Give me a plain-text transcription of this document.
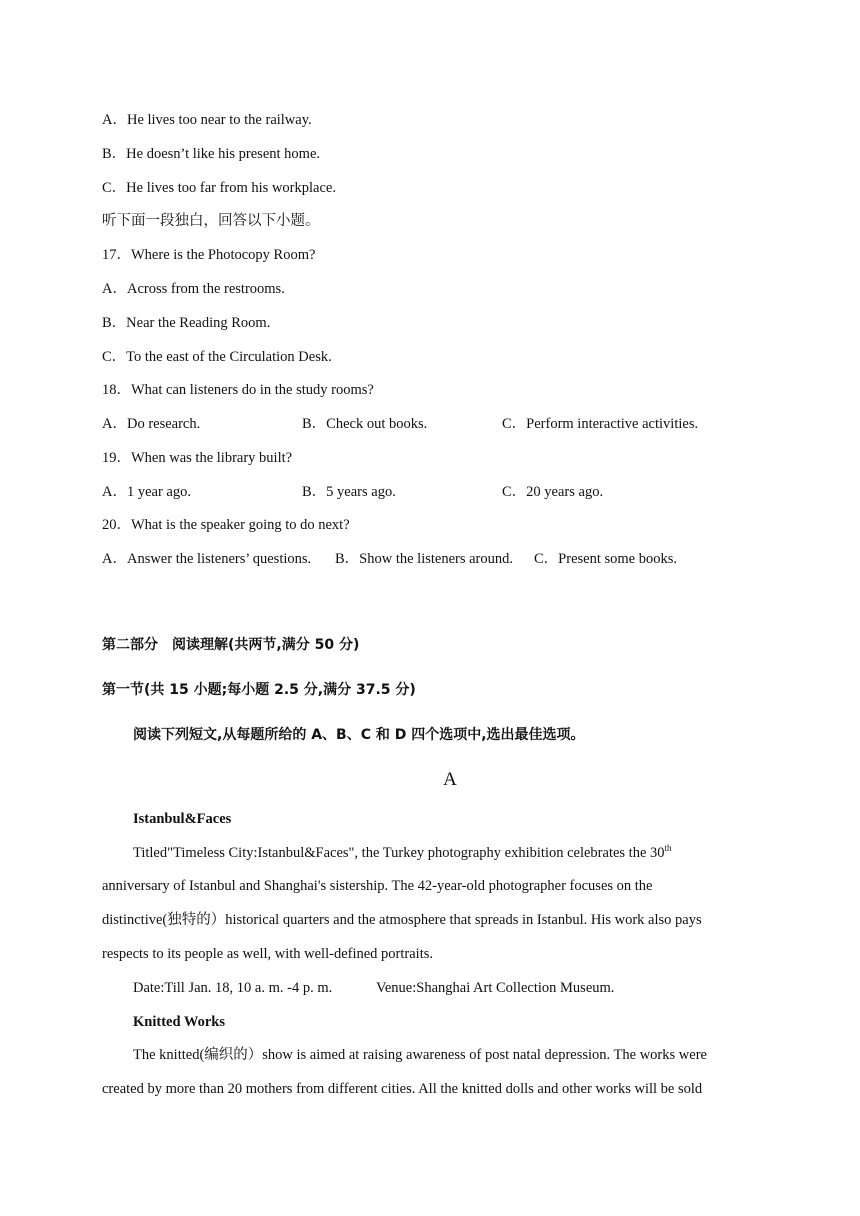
A．He lives too near to the railway.
B．He doesn’t like his present home.
C．He lives too far from his workplace.
听下面一段独白，回答以下小题。
17．Where is the Photocopy Room?
A．Across from the restrooms.
B．Near the Reading Room.
C．To the east of the Circulation Desk.
18．What can listeners do in the study rooms?
A．Do research.	B．Check out books.	C．Perform interactive activities.
19．When was the library built?
A．1 year ago.	B．5 years ago.	C．20 years ago.
20．What is the speaker going to do next?
A．Answer the listeners’ questions. B．Show the listeners around. C．Present some books.
第二部分　阅读理解(共两节,满分 50 分)
第一节(共 15 小题;每小题 2.5 分,满分 37.5 分)
阅读下列短文,从每题所给的 A、B、C 和 D 四个选项中,选出最佳选项。
A
Istanbul&Faces
Titled"Timeless City:Istanbul&Faces", the Turkey photography exhibition celebrates the 30th
anniversary of Istanbul and Shanghai's sistership. The 42-year-old photographer focuses on the
distinctive(独特的）historical quarters and the atmosphere that spreads in Istanbul. His work also pays
respects to its people as well, with well-defined portraits.
Date:Till Jan. 18, 10 a. m. -4 p. m.	Venue:Shanghai Art Collection Museum.
Knitted Works
The knitted(编织的）show is aimed at raising awareness of post natal depression. The works were
created by more than 20 mothers from different cities. All the knitted dolls and other works will be sold
